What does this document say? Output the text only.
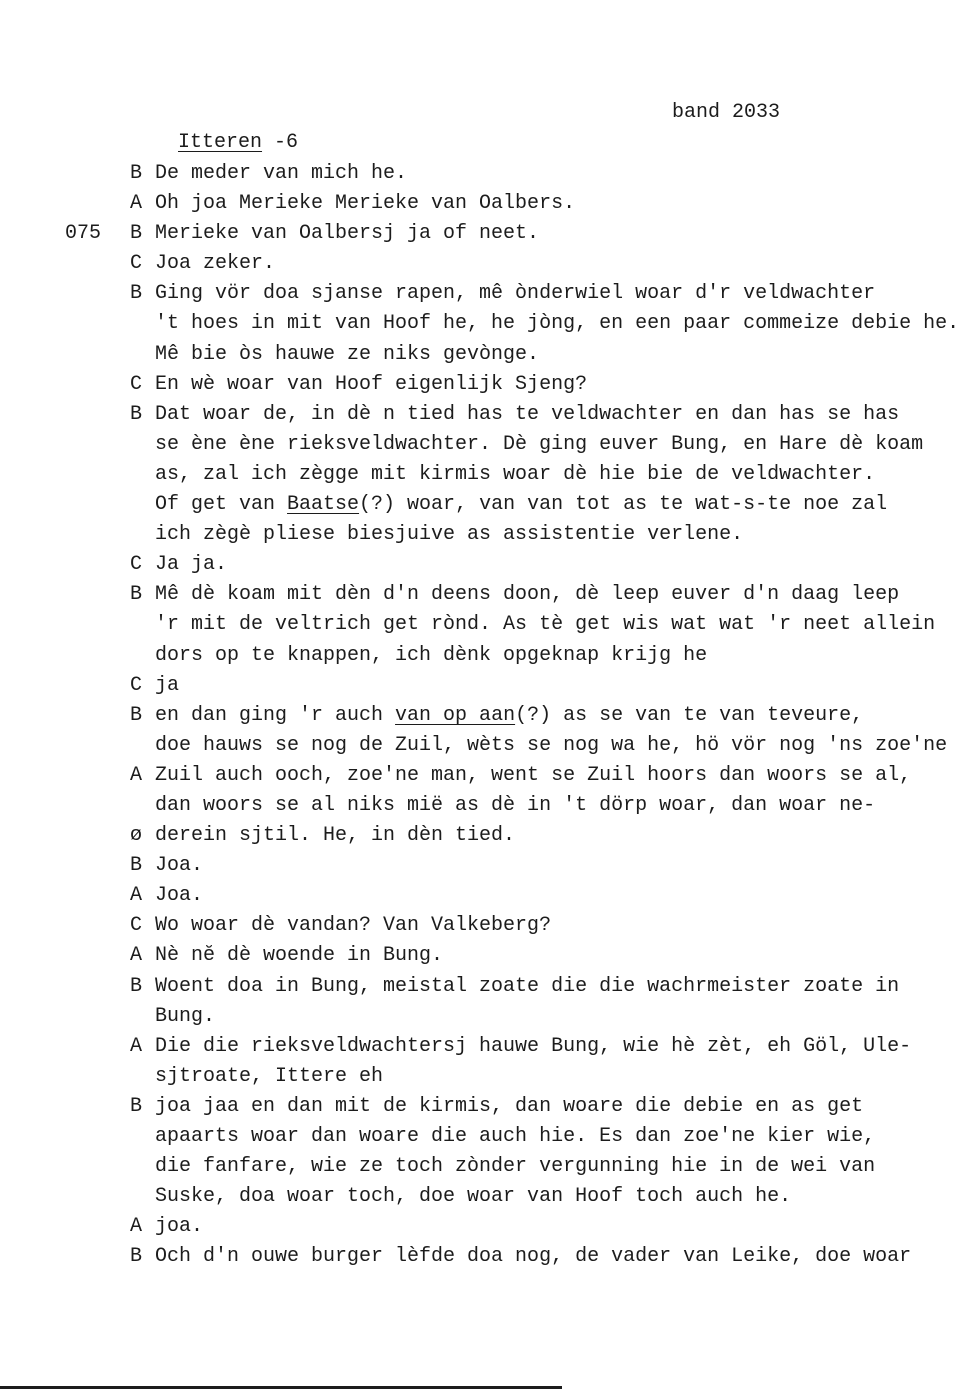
Itteren -6

band 2033
B De meder van mich he.
A Oh joa Merieke Merieke van Oalbers.
B
075	Merieke van Oalbersj ja of neet.
C Joa zeker.
B Ging vör doa sjanse rapen, mê ònderwiel woar d'r veldwachter
't hoes in mit van Hoof he, he jòng, en een paar commeize debie he.
Mê bie òs hauwe ze niks gevònge.
C En wè woar van Hoof eigenlijk Sjeng?
B Dat woar de, in dè n tied has te veldwachter en dan has se has
se ène ène rieksveldwachter. Dè ging euver Bung, en Hare dè koam
as, zal ich zègge mit kirmis woar dè hie bie de veldwachter.
Of get van Baatse(?) woar, van van tot as te wat-s-te noe zal
ich zègè pliese biesjuive as assistentie verlene.
C Ja ja.
B Mê dè koam mit dèn d'n deens doon, dè leep euver d'n daag leep
'r mit de veltrich get rònd. As tè get wis wat wat 'r neet allein
dors op te knappen, ich dènk opgeknap krijg he
C ja
B en dan ging 'r auch van op aan(?) as se van te van teveure,
doe hauws se nog de Zuil, wèts se nog wa he, hö vör nog 'ns zoe'ne
A Zuil auch ooch, zoe'ne man, went se Zuil hoors dan woors se al,
dan woors se al niks mië as dè in 't dörp woar, dan woar ne-
ø derein sjtil. He, in dèn tied.
B Joa.
A Joa.
C Wo woar dè vandan? Van Valkeberg?
A Nè nĕ dè woende in Bung.
B Woent doa in Bung, meistal zoate die die wachrmeister zoate in
Bung.
A Die die rieksveldwachtersj hauwe Bung, wie hè zèt, eh Göl, Ule-
sjtroate, Ittere eh
B joa jaa en dan mit de kirmis, dan woare die debie en as get
apaarts woar dan woare die auch hie. Es dan zoe'ne kier wie,
die fanfare, wie ze toch zònder vergunning hie in de wei van
Suske, doa woar toch, doe woar van Hoof toch auch he.
A joa.
B Och d'n ouwe burger lèfde doa nog, de vader van Leike, doe woar
